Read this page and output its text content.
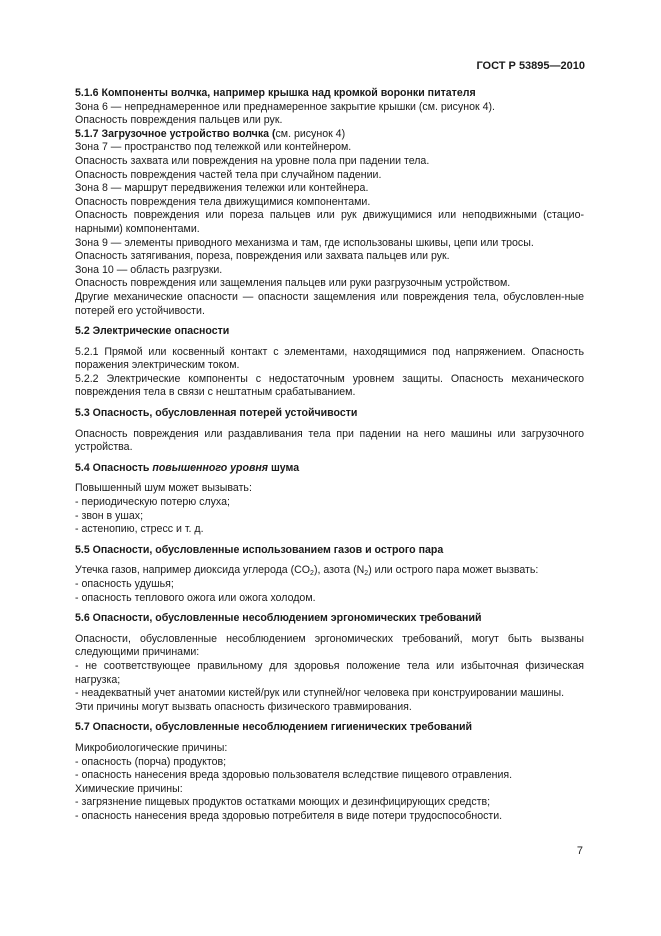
ГОСТ Р 53895—2010

5.1.6 Компоненты волчка, например крышка над кромкой воронки питателя

Зона 6 — непреднамеренное или преднамеренное закрытие крышки (см. рисунок 4).

Опасность повреждения пальцев или рук.

5.1.7 Загрузочное устройство волчка (см. рисунок 4)

Зона 7 — пространство под тележкой или контейнером.

Опасность захвата или повреждения на уровне пола при падении тела.

Опасность повреждения частей тела при случайном падении.

Зона 8 — маршрут передвижения тележки или контейнера.

Опасность повреждения тела движущимися компонентами.

Опасность повреждения или пореза пальцев или рук движущимися или неподвижными (стацио-нарными) компонентами.

Зона 9 — элементы приводного механизма и там, где использованы шкивы, цепи или тросы.

Опасность затягивания, пореза, повреждения или захвата пальцев или рук.

Зона 10 — область разгрузки.

Опасность повреждения или защемления пальцев или руки разгрузочным устройством.

Другие механические опасности — опасности защемления или повреждения тела, обусловлен-ные потерей его устойчивости.

5.2 Электрические опасности

5.2.1 Прямой или косвенный контакт с элементами, находящимися под напряжением. Опасность поражения электрическим током.

5.2.2 Электрические компоненты с недостаточным уровнем защиты. Опасность механического повреждения тела в связи с нештатным срабатыванием.

5.3 Опасность, обусловленная потерей устойчивости

Опасность повреждения или раздавливания тела при падении на него машины или загрузочного устройства.

5.4 Опасность повышенного уровня шума

Повышенный шум может вызывать:

- периодическую потерю слуха;

- звон в ушах;

- астенопию, стресс и т. д.

5.5 Опасности, обусловленные использованием газов и острого пара

Утечка газов, например диоксида углерода $(CO_2)$, азота $(N_2)$ или острого пара может вызвать:

- опасность удушья;

- опасность теплового ожога или ожога холодом.

5.6 Опасности, обусловленные несоблюдением эргономических требований

Опасности, обусловленные несоблюдением эргономических требований, могут быть вызваны следующими причинами:

- не соответствующее правильному для здоровья положение тела или избыточная физическая нагрузка;

- неадекватный учет анатомии кистей/рук или ступней/ног человека при конструировании машины.

Эти причины могут вызвать опасность физического травмирования.

5.7 Опасности, обусловленные несоблюдением гигиенических требований

Микробиологические причины:

- опасность (порча) продуктов;

- опасность нанесения вреда здоровью пользователя вследствие пищевого отравления.

Химические причины:

- загрязнение пищевых продуктов остатками моющих и дезинфицирующих средств;

- опасность нанесения вреда здоровью потребителя в виде потери трудоспособности.

7
